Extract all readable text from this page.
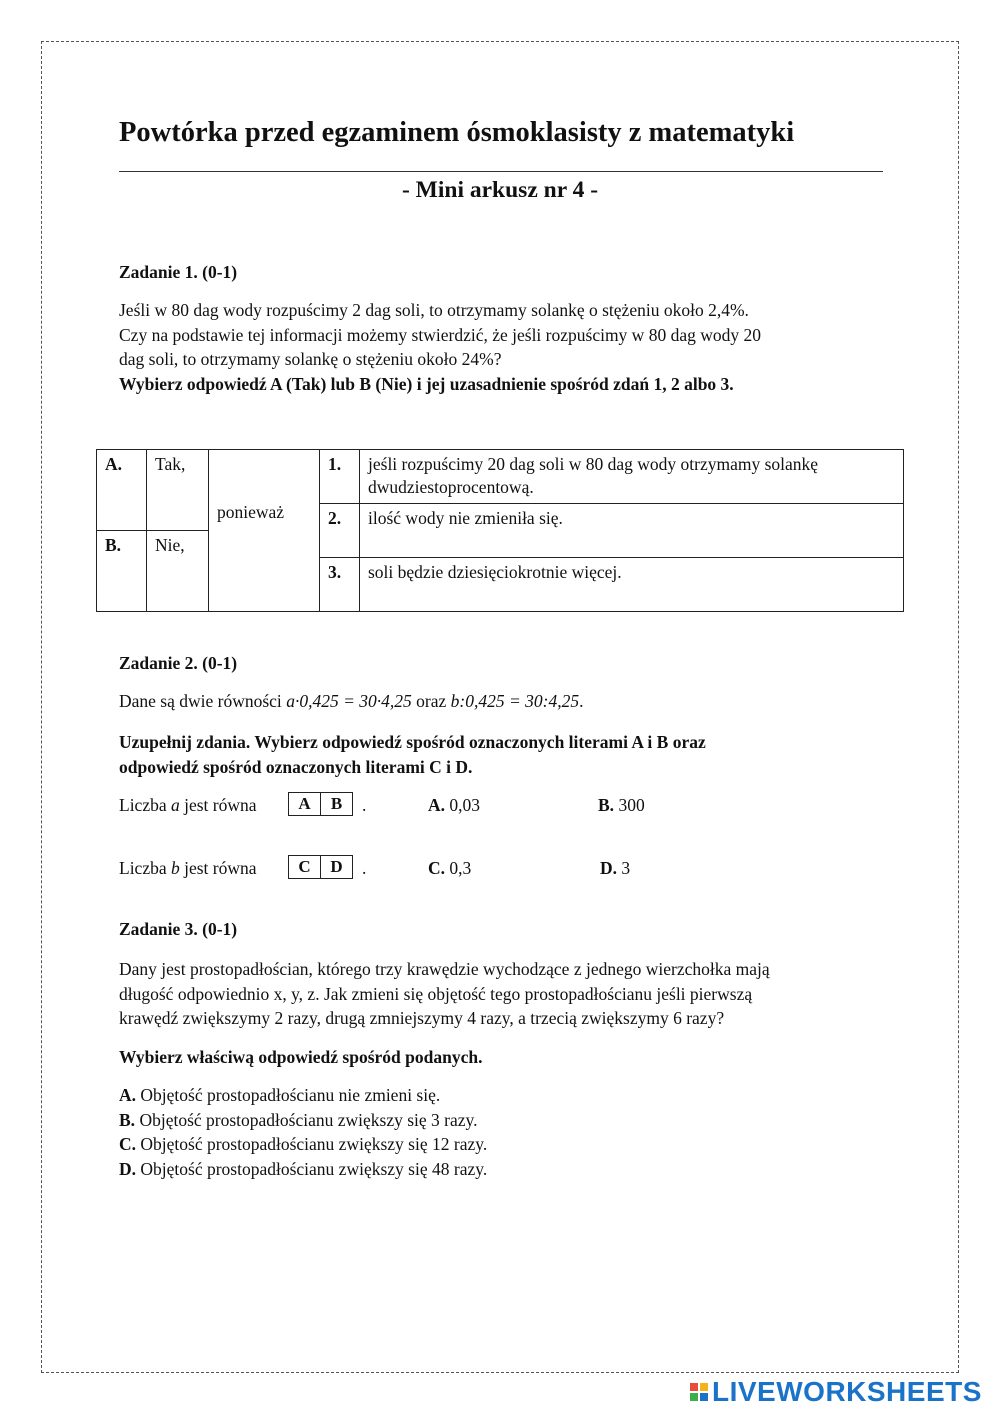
Powtórka przed egzaminem ósmoklasisty z matematyki
- Mini arkusz nr 4 -
Zadanie 1. (0-1)
Jeśli w 80 dag wody rozpuścimy 2 dag soli, to otrzymamy solankę o stężeniu około 2,4%.
Czy na podstawie tej informacji możemy stwierdzić, że jeśli rozpuścimy w 80 dag wody 20
dag soli, to otrzymamy solankę o stężeniu około 24%?
Wybierz odpowiedź A (Tak) lub B (Nie) i jej uzasadnienie spośród zdań 1, 2 albo 3.
A.	Tak,	ponieważ	1.	jeśli rozpuścimy 20 dag soli w 80 dag wody otrzymamy solankę dwudziestoprocentową.
			2.	ilość wody nie zmieniła się.
B.	Nie,			
			3.	soli będzie dziesięciokrotnie więcej.
Zadanie 2. (0-1)
Dane są dwie równości a·0,425 = 30·4,25 oraz b:0,425 = 30:4,25.
Uzupełnij zdania. Wybierz odpowiedź spośród oznaczonych literami A i B oraz
odpowiedź spośród oznaczonych literami C i D.
Liczba a jest równa	A	B	.	A. 0,03	B. 300
Liczba b jest równa	C	D	.	C. 0,3	D. 3
Zadanie 3. (0-1)
Dany jest prostopadłościan, którego trzy krawędzie wychodzące z jednego wierzchołka mają
długość odpowiednio x, y, z. Jak zmieni się objętość tego prostopadłościanu jeśli pierwszą
krawędź zwiększymy 2 razy, drugą zmniejszymy 4 razy, a trzecią zwiększymy 6 razy?
Wybierz właściwą odpowiedź spośród podanych.
A. Objętość prostopadłościanu nie zmieni się.
B. Objętość prostopadłościanu zwiększy się 3 razy.
C. Objętość prostopadłościanu zwiększy się 12 razy.
D. Objętość prostopadłościanu zwiększy się 48 razy.
LIVEWORKSHEETS
